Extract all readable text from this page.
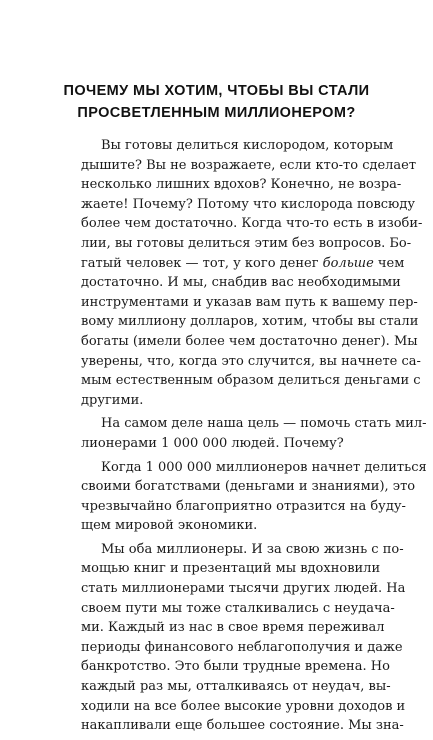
ПОЧЕМУ МЫ ХОТИМ, ЧТОБЫ ВЫ СТАЛИ
ПРОСВЕТЛЕННЫМ МИЛЛИОНЕРОМ?
Вы готовы делиться кислородом, которым
дышите? Вы не возражаете, если кто-то сделает
несколько лишних вдохов? Конечно, не возра-
жаете! Почему? Потому что кислорода повсюду
более чем достаточно. Когда что-то есть в изоби-
лии, вы готовы делиться этим без вопросов. Бо-
гатый человек — тот, у кого денег больше чем
достаточно. И мы, снабдив вас необходимыми
инструментами и указав вам путь к вашему пер-
вому миллиону долларов, хотим, чтобы вы стали
богаты (имели более чем достаточно денег). Мы
уверены, что, когда это случится, вы начнете са-
мым естественным образом делиться деньгами с
другими.
На самом деле наша цель — помочь стать мил-
лионерами 1 000 000 людей. Почему?
Когда 1 000 000 миллионеров начнет делиться
своими богатствами (деньгами и знаниями), это
чрезвычайно благоприятно отразится на буду-
щем мировой экономики.
Мы оба миллионеры. И за свою жизнь с по-
мощью книг и презентаций мы вдохновили
стать миллионерами тысячи других людей. На
своем пути мы тоже сталкивались с неудача-
ми. Каждый из нас в свое время переживал
периоды финансового неблагополучия и даже
банкротство. Это были трудные времена. Но
каждый раз мы, отталкиваясь от неудач, вы-
ходили на все более высокие уровни доходов и
накапливали еще большее состояние. Мы зна-
